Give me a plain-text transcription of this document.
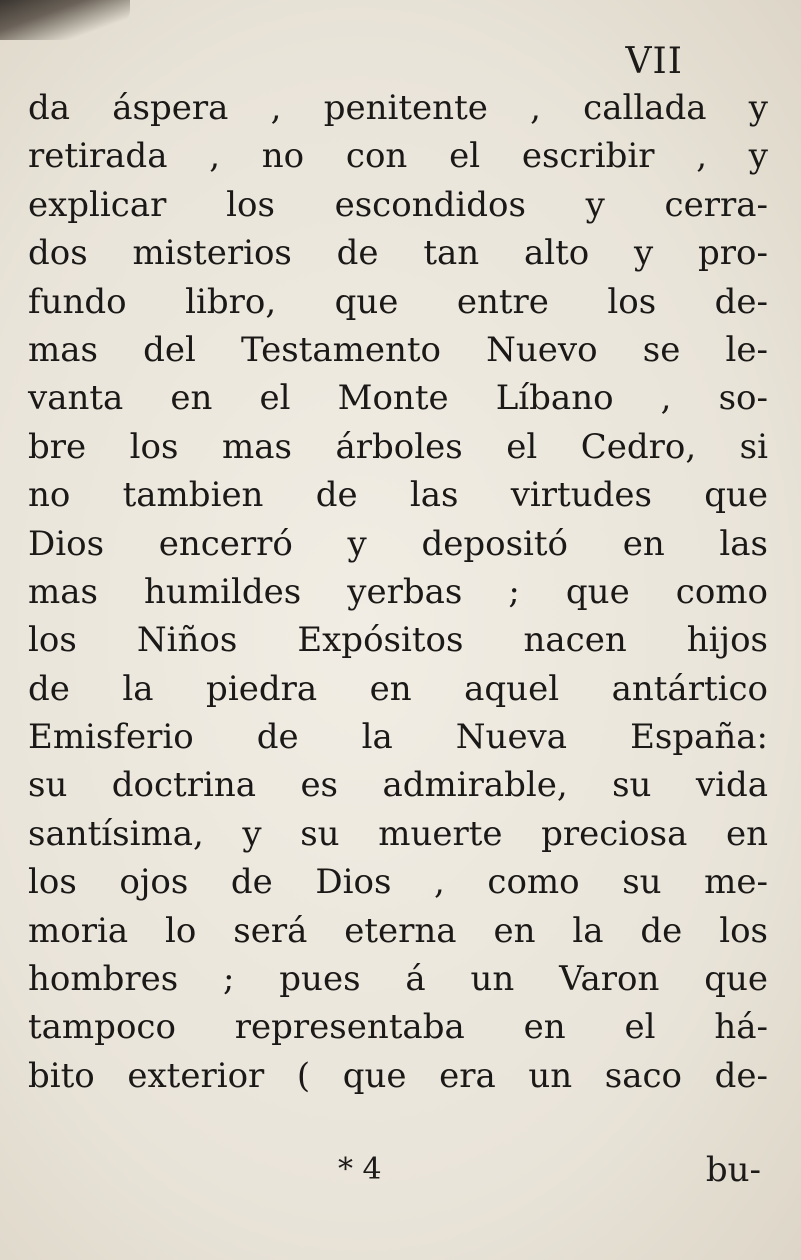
VII
da áspera , penitente , callada y
retirada , no con el escribir , y
explicar los escondidos y cerra-
dos misterios de tan alto y pro-
fundo libro, que entre los de-
mas del Testamento Nuevo se le-
vanta en el Monte Líbano , so-
bre los mas árboles el Cedro, si
no tambien de las virtudes que
Dios encerró y depositó en las
mas humildes yerbas ; que como
los Niños Expósitos nacen hijos
de la piedra en aquel antártico
Emisferio de la Nueva España:
su doctrina es admirable, su vida
santísima, y su muerte preciosa en
los ojos de Dios , como su me-
moria lo será eterna en la de los
hombres ; pues á un Varon que
tampoco representaba en el há-
bito exterior ( que era un saco de-
* 4	bu-
